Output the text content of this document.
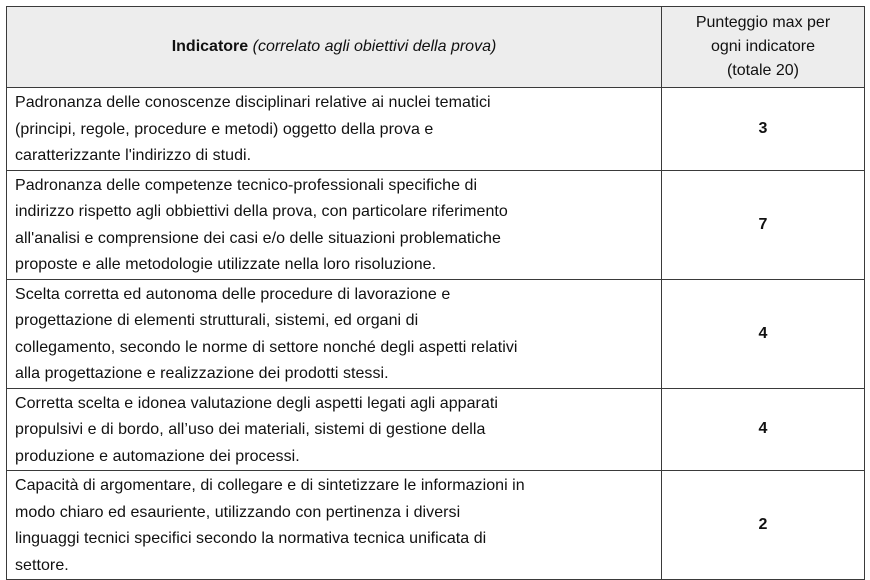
Indicatore (correlato agli obiettivi della prova)	Punteggio max per
ogni indicatore
(totale 20)

Padronanza delle conoscenze disciplinari relative ai nuclei tematici
(principi, regole, procedure e metodi) oggetto della prova e
caratterizzante l'indirizzo di studi.	3

Padronanza delle competenze tecnico-professionali specifiche di
indirizzo rispetto agli obbiettivi della prova, con particolare riferimento
all'analisi e comprensione dei casi e/o delle situazioni problematiche
proposte e alle metodologie utilizzate nella loro risoluzione.	7

Scelta corretta ed autonoma delle procedure di lavorazione e
progettazione di elementi strutturali, sistemi, ed organi di
collegamento, secondo le norme di settore nonché degli aspetti relativi
alla progettazione e realizzazione dei prodotti stessi.	4

Corretta scelta e idonea valutazione degli aspetti legati agli apparati
propulsivi e di bordo, all’uso dei materiali, sistemi di gestione della
produzione e automazione dei processi.	4

Capacità di argomentare, di collegare e di sintetizzare le informazioni in
modo chiaro ed esauriente, utilizzando con pertinenza i diversi
linguaggi tecnici specifici secondo la normativa tecnica unificata di
settore.	2
